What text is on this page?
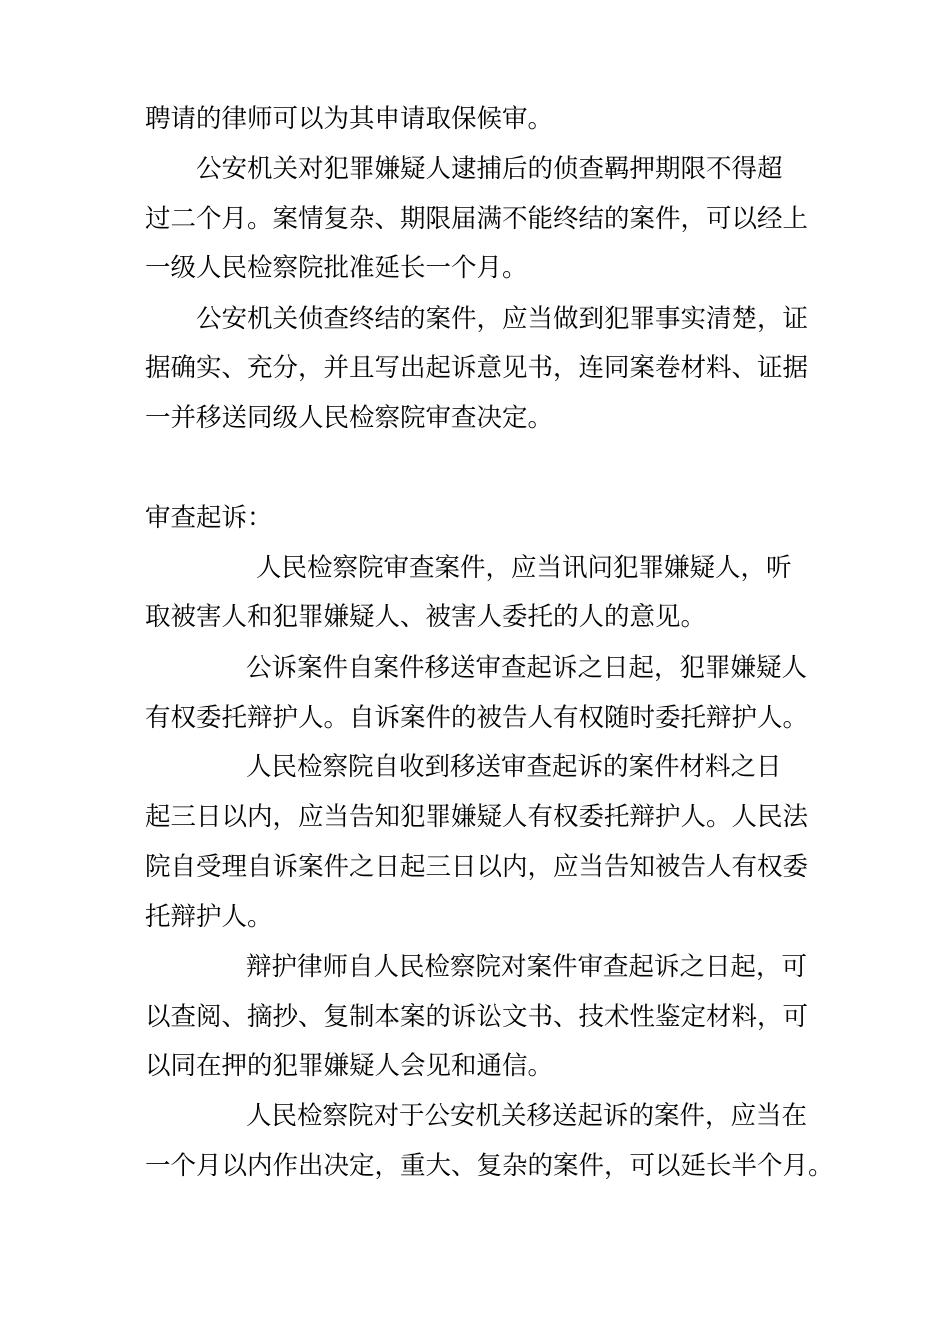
聘请的律师可以为其申请取保候审。

公安机关对犯罪嫌疑人逮捕后的侦查羁押期限不得超

过二个月。案情复杂、期限届满不能终结的案件，可以经上

一级人民检察院批准延长一个月。

公安机关侦查终结的案件，应当做到犯罪事实清楚，证

据确实、充分，并且写出起诉意见书，连同案卷材料、证据

一并移送同级人民检察院审查决定。

审查起诉：

人民检察院审查案件，应当讯问犯罪嫌疑人，听

取被害人和犯罪嫌疑人、被害人委托的人的意见。

公诉案件自案件移送审查起诉之日起，犯罪嫌疑人

有权委托辩护人。自诉案件的被告人有权随时委托辩护人。

人民检察院自收到移送审查起诉的案件材料之日

起三日以内，应当告知犯罪嫌疑人有权委托辩护人。人民法

院自受理自诉案件之日起三日以内，应当告知被告人有权委

托辩护人。

辩护律师自人民检察院对案件审查起诉之日起，可

以查阅、摘抄、复制本案的诉讼文书、技术性鉴定材料，可

以同在押的犯罪嫌疑人会见和通信。

人民检察院对于公安机关移送起诉的案件，应当在

一个月以内作出决定，重大、复杂的案件，可以延长半个月。
